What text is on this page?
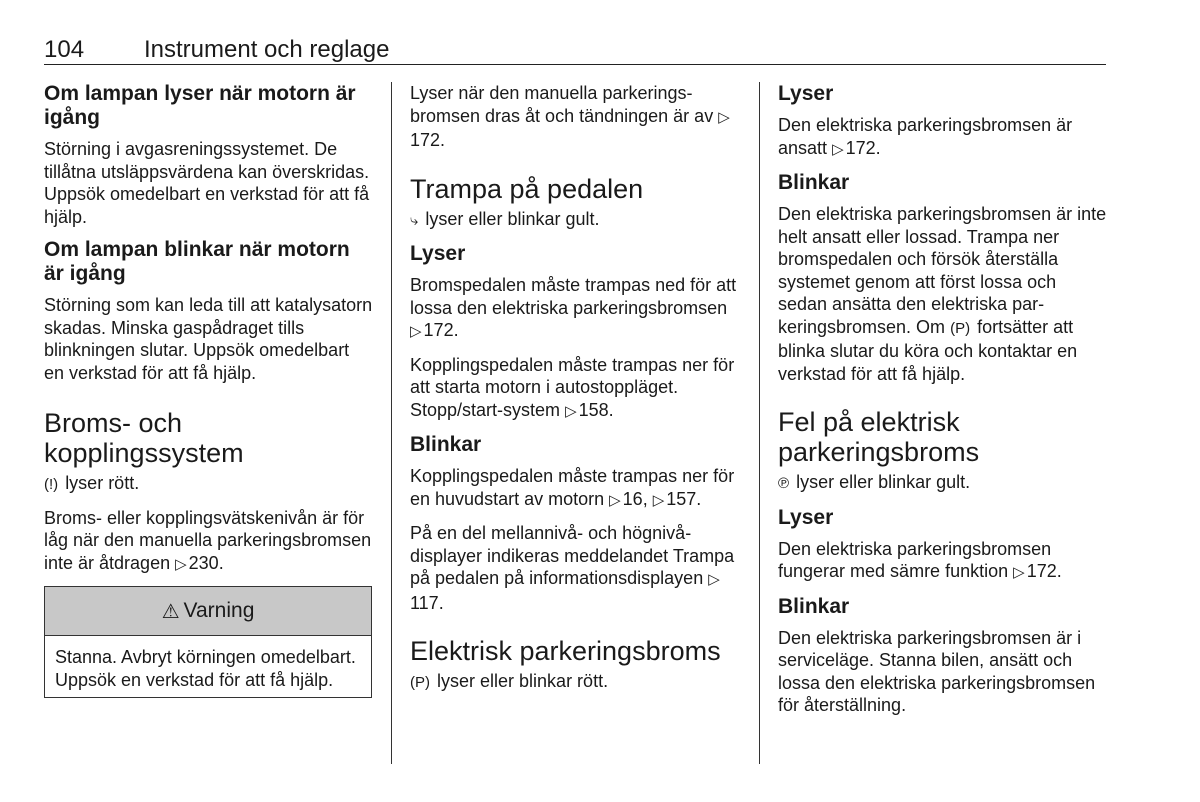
104 Instrument och reglage
Om lampan lyser när motorn är igång

Störning i avgasreningssystemet. De tillåtna utsläppsvärdena kan överskridas. Uppsök omedelbart en verkstad för att få hjälp.

Om lampan blinkar när motorn är igång

Störning som kan leda till att katalysatorn skadas. Minska gaspådraget tills blinkningen slutar. Uppsök omedelbart en verkstad för att få hjälp.

Broms- och kopplingssystem

(!) lyser rött.

Broms- eller kopplingsvätskenivån är för låg när den manuella parkeringsbromsen inte är åtdragen ▷ 230.

⚠ Varning

Stanna. Avbryt körningen omedelbart. Uppsök en verkstad för att få hjälp.

Lyser när den manuella parkeringsbromsen dras åt och tändningen är av ▷172.

Trampa på pedalen

⤷ lyser eller blinkar gult.

Lyser

Bromspedalen måste trampas ned för att lossa den elektriska parkeringsbromsen ▷ 172.

Kopplingspedalen måste trampas ner för att starta motorn i autostoppläget. Stopp/start-system ▷ 158.

Blinkar

Kopplingspedalen måste trampas ner för en huvudstart av motorn ▷ 16, ▷ 157.

På en del mellannivå- och högnivådisplayer indikeras meddelandet Trampa på pedalen på informationsdisplayen ▷117.

Elektrisk parkeringsbroms

(P) lyser eller blinkar rött.

Lyser

Den elektriska parkeringsbromsen är ansatt ▷ 172.

Blinkar

Den elektriska parkeringsbromsen är inte helt ansatt eller lossad. Trampa ner bromspedalen och försök återställa systemet genom att först lossa och sedan ansätta den elektriska parkeringsbromsen. Om (P) fortsätter att blinka slutar du köra och kontaktar en verkstad för att få hjälp.

Fel på elektrisk parkeringsbroms

℗ lyser eller blinkar gult.

Lyser

Den elektriska parkeringsbromsen fungerar med sämre funktion ▷ 172.

Blinkar

Den elektriska parkeringsbromsen är i serviceläge. Stanna bilen, ansätt och lossa den elektriska parkeringsbromsen för återställning.
